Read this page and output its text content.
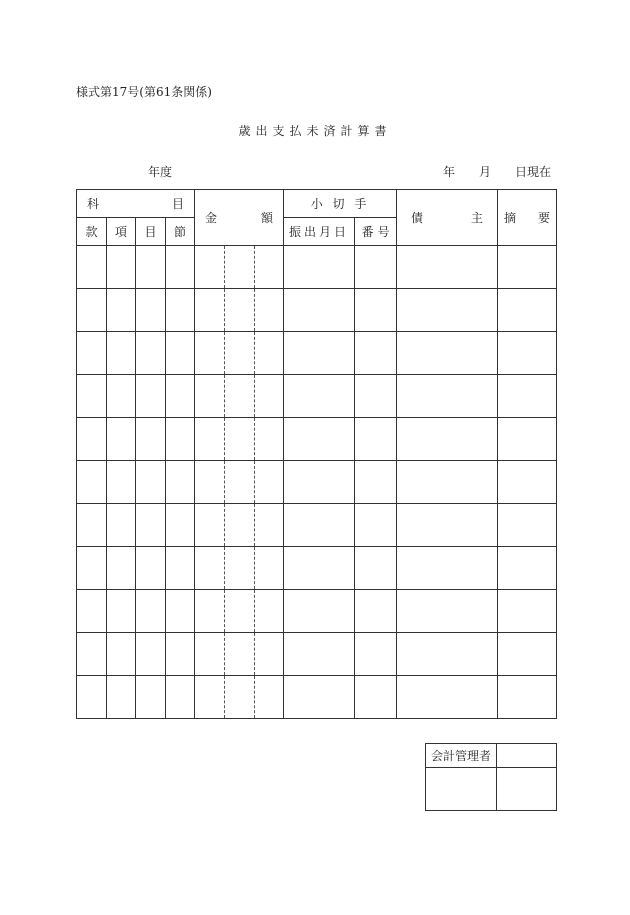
様式第17号(第61条関係)
歳出支払未済計算書
年度	年 月 日現在
科 目				金 額	小 切 手		債 主	摘 要

款	項	目	節		振出月日	番 号		

会計管理者	
